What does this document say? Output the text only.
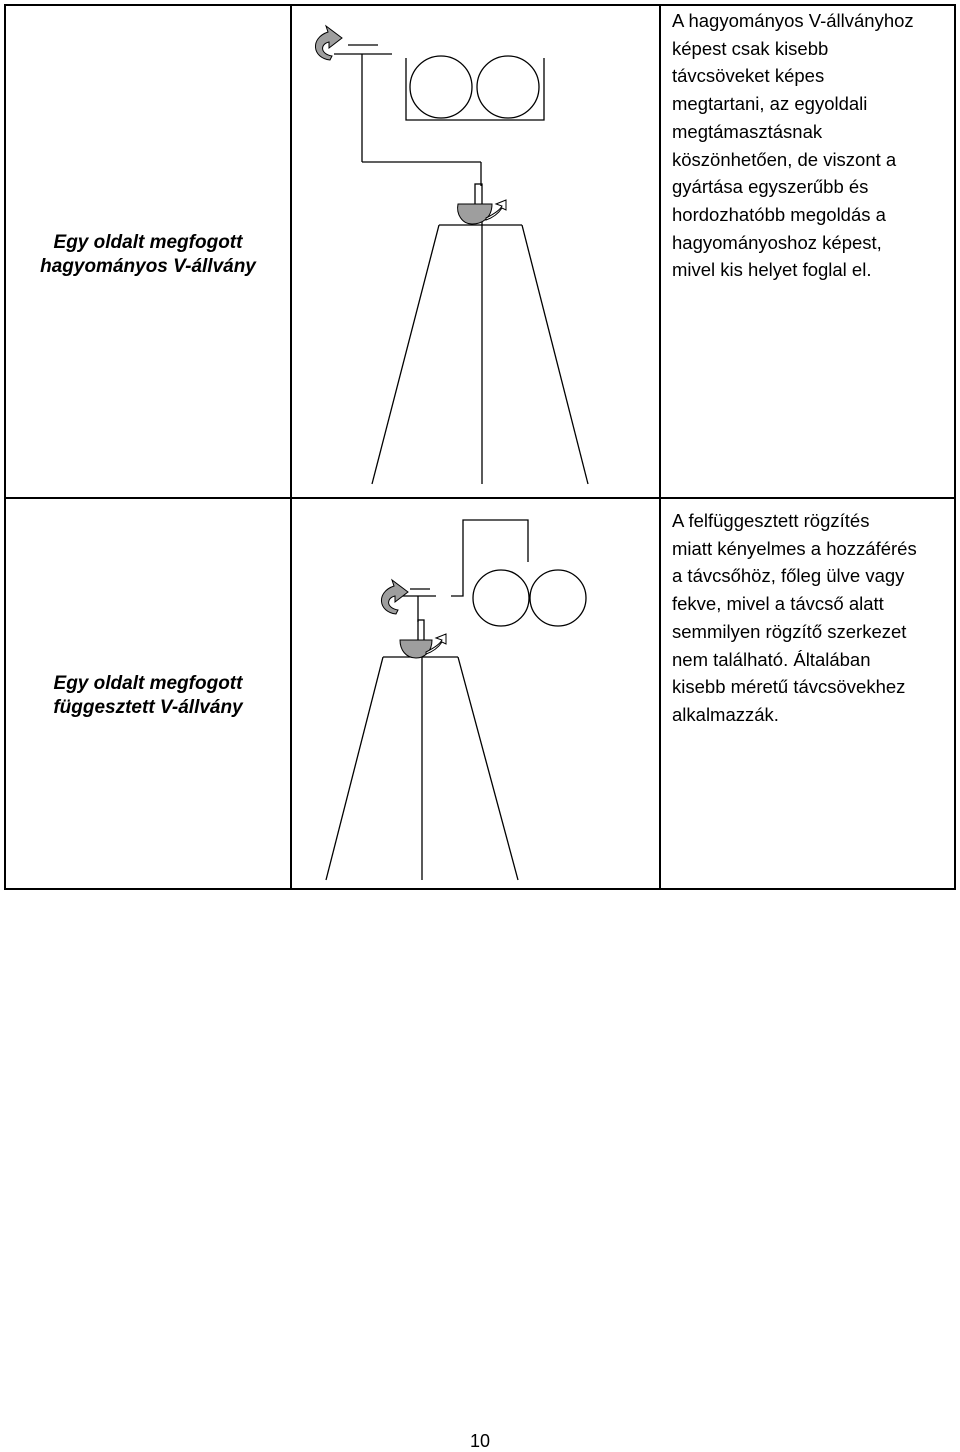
Egy oldalt megfogott
hagyományos V-állvány
A hagyományos V-állványhoz
képest csak kisebb
távcsöveket képes
megtartani, az egyoldali
megtámasztásnak
köszönhetően, de viszont a
gyártása egyszerűbb és
hordozhatóbb megoldás a
hagyományoshoz képest,
mivel kis helyet foglal el.
Egy oldalt megfogott
függesztett V-állvány
A felfüggesztett rögzítés
miatt kényelmes a hozzáférés
a távcsőhöz, főleg ülve vagy
fekve, mivel a távcső alatt
semmilyen rögzítő szerkezet
nem található. Általában
kisebb méretű távcsövekhez
alkalmazzák.
10
